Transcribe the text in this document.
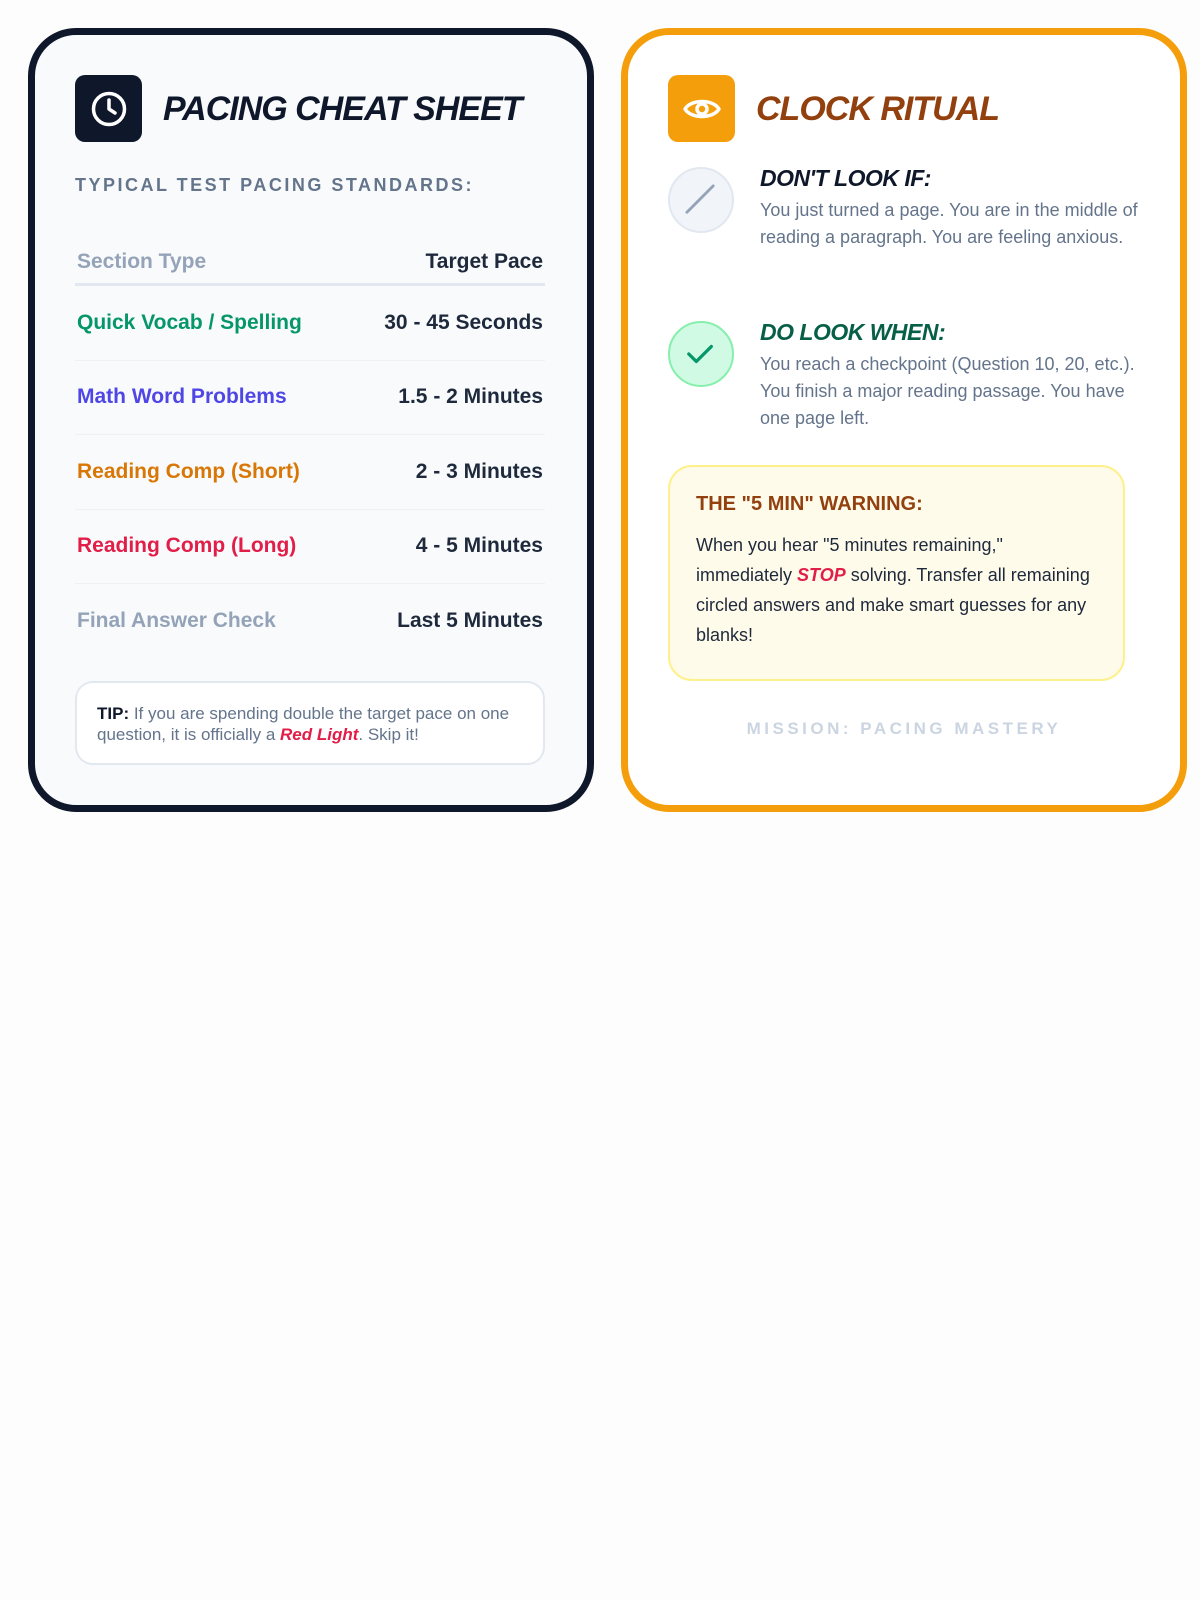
PACING CHEAT SHEET
TYPICAL TEST PACING STANDARDS:
Section Type	Target Pace
Quick Vocab / Spelling	30 - 45 Seconds
Math Word Problems	1.5 - 2 Minutes
Reading Comp (Short)	2 - 3 Minutes
Reading Comp (Long)	4 - 5 Minutes
Final Answer Check	Last 5 Minutes
TIP: If you are spending double the target pace on one question, it is officially a Red Light. Skip it!
CLOCK RITUAL
DON'T LOOK IF:
You just turned a page. You are in the middle of reading a paragraph. You are feeling anxious.
DO LOOK WHEN:
You reach a checkpoint (Question 10, 20, etc.). You finish a major reading passage. You have one page left.
THE "5 MIN" WARNING:
When you hear "5 minutes remaining," immediately STOP solving. Transfer all remaining circled answers and make smart guesses for any blanks!
MISSION: PACING MASTERY
